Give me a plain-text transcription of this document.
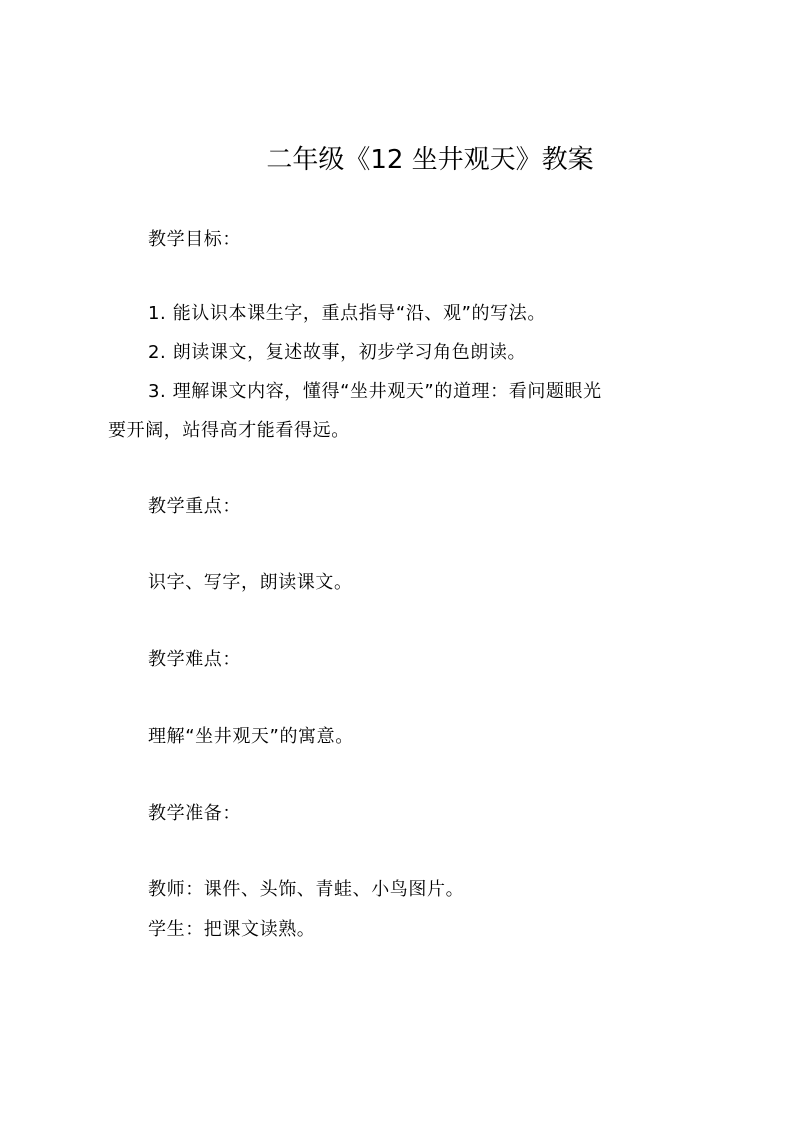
二年级《12 坐井观天》教案
教学目标：
1. 能认识本课生字，重点指导“沿、观”的写法。
2. 朗读课文，复述故事，初步学习角色朗读。
3. 理解课文内容，懂得“坐井观天”的道理：看问题眼光
要开阔，站得高才能看得远。
教学重点：
识字、写字，朗读课文。
教学难点：
理解“坐井观天”的寓意。
教学准备：
教师：课件、头饰、青蛙、小鸟图片。
学生：把课文读熟。
